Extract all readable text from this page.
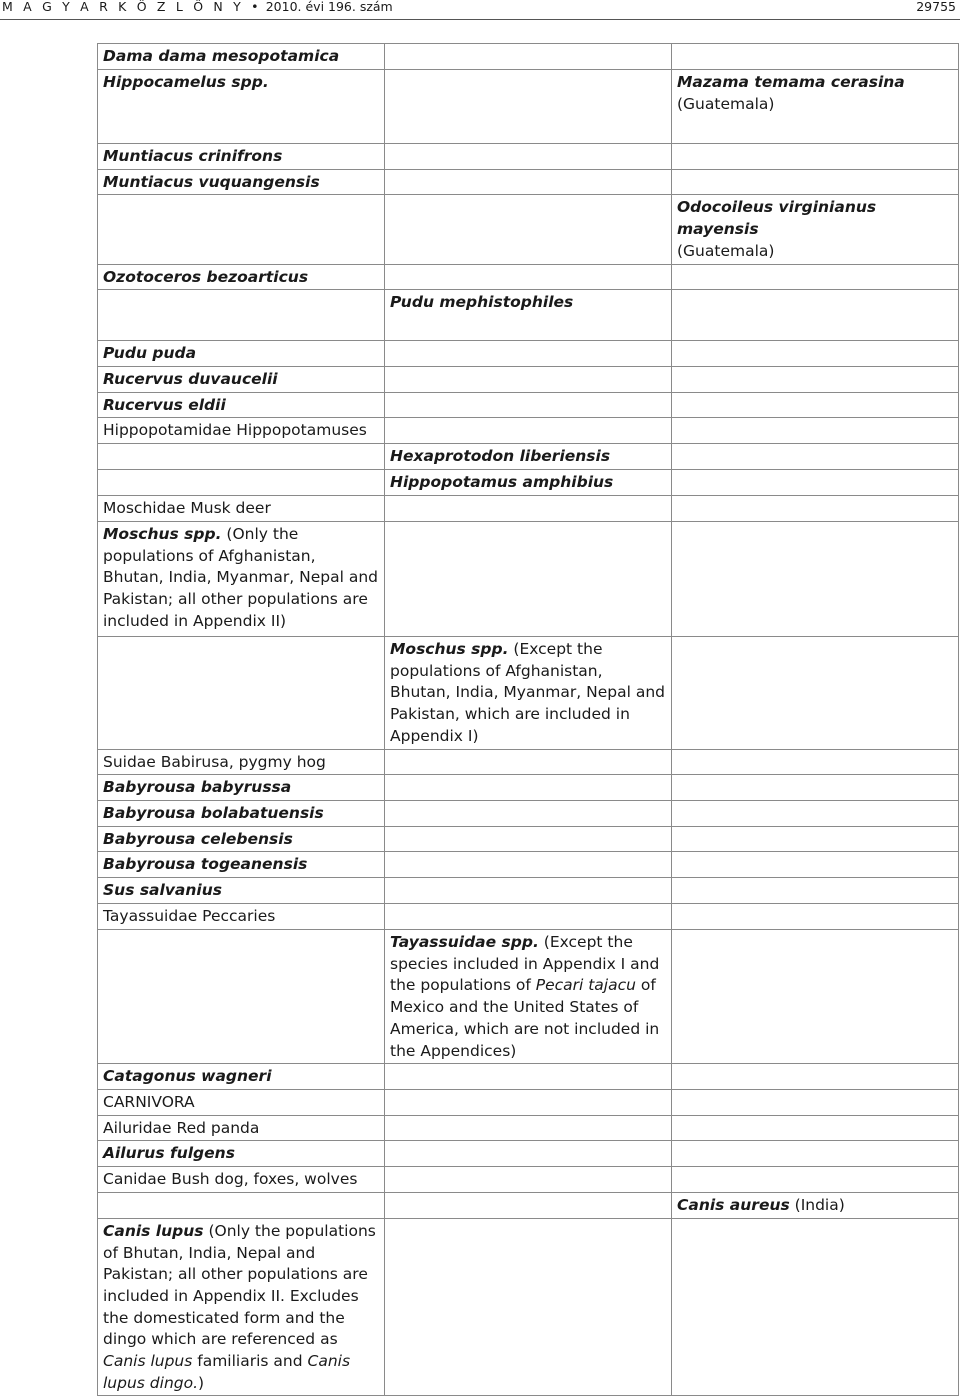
M A G Y A R K Ö Z L Ö N Y • 2010. évi 196. szám	29755
Dama dama mesopotamica		
Hippocamelus spp.		Mazama temama cerasina
(Guatemala)
Muntiacus crinifrons		
Muntiacus vuquangensis		
		Odocoileus virginianus mayensis
(Guatemala)
Ozotoceros bezoarticus		
	Pudu mephistophiles	
Pudu puda		
Rucervus duvaucelii		
Rucervus eldii		
Hippopotamidae Hippopotamuses		
	Hexaprotodon liberiensis	
	Hippopotamus amphibius	
Moschidae Musk deer		
Moschus spp. (Only the populations of Afghanistan, Bhutan, India, Myanmar, Nepal and Pakistan; all other populations are included in Appendix II)		
	Moschus spp. (Except the populations of Afghanistan, Bhutan, India, Myanmar, Nepal and Pakistan, which are included in Appendix I)	
Suidae Babirusa, pygmy hog		
Babyrousa babyrussa		
Babyrousa bolabatuensis		
Babyrousa celebensis		
Babyrousa togeanensis		
Sus salvanius		
Tayassuidae Peccaries		
	Tayassuidae spp. (Except the species included in Appendix I and the populations of Pecari tajacu of Mexico and the United States of America, which are not included in the Appendices)	
Catagonus wagneri		
CARNIVORA		
Ailuridae Red panda		
Ailurus fulgens		
Canidae Bush dog, foxes, wolves		
		Canis aureus (India)
Canis lupus (Only the populations of Bhutan, India, Nepal and Pakistan; all other populations are included in Appendix II. Excludes the domesticated form and the dingo which are referenced as Canis lupus familiaris and Canis lupus dingo.)		
